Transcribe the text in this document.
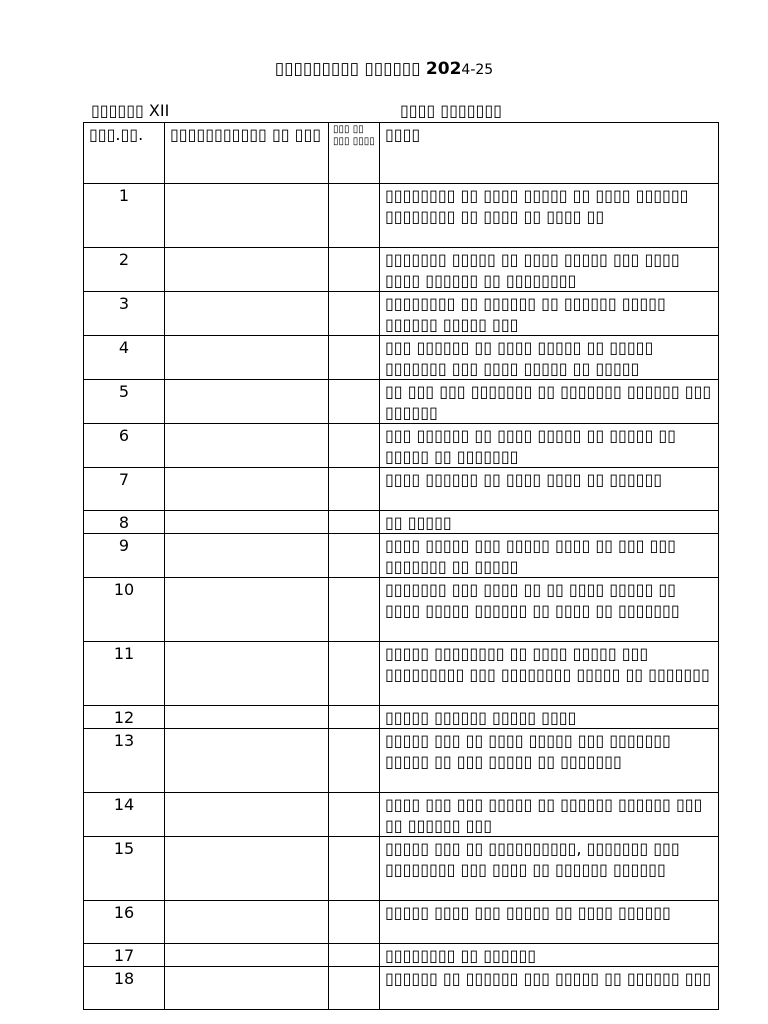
▯▯▯▯▯▯▯▯▯ ▯▯▯▯▯▯ 2024-25
▯▯▯▯▯▯ XII	▯▯▯▯ ▯▯▯▯▯▯▯
▯▯▯.▯▯.	▯▯▯▯▯▯▯▯▯▯▯ ▯▯ ▯▯▯	▯▯▯ ▯▯ ▯▯▯ ▯▯▯▯	▯▯▯▯
1			▯▯▯▯▯▯▯▯ ▯▯ ▯▯▯▯ ▯▯▯▯▯ ▯▯ ▯▯▯▯ ▯▯▯▯▯▯ ▯▯▯▯▯▯▯▯ ▯▯ ▯▯▯▯ ▯▯ ▯▯▯▯ ▯▯
2			▯▯▯▯▯▯▯ ▯▯▯▯▯ ▯▯ ▯▯▯▯ ▯▯▯▯▯ ▯▯▯ ▯▯▯▯ ▯▯▯▯ ▯▯▯▯▯▯ ▯▯ ▯▯▯▯▯▯▯▯
3			▯▯▯▯▯▯▯▯ ▯▯ ▯▯▯▯▯▯ ▯▯ ▯▯▯▯▯▯ ▯▯▯▯▯ ▯▯▯▯▯▯ ▯▯▯▯▯ ▯▯▯
4			▯▯▯ ▯▯▯▯▯▯ ▯▯ ▯▯▯▯ ▯▯▯▯▯ ▯▯ ▯▯▯▯▯ ▯▯▯▯▯▯▯ ▯▯▯ ▯▯▯▯ ▯▯▯▯▯ ▯▯ ▯▯▯▯▯
5			▯▯ ▯▯▯ ▯▯▯ ▯▯▯▯▯▯▯ ▯▯ ▯▯▯▯▯▯▯ ▯▯▯▯▯▯ ▯▯▯ ▯▯▯▯▯▯
6			▯▯▯ ▯▯▯▯▯▯ ▯▯ ▯▯▯▯ ▯▯▯▯▯ ▯▯ ▯▯▯▯▯ ▯▯ ▯▯▯▯▯ ▯▯ ▯▯▯▯▯▯▯
7			▯▯▯▯ ▯▯▯▯▯▯ ▯▯ ▯▯▯▯ ▯▯▯▯ ▯▯ ▯▯▯▯▯▯
8			▯▯ ▯▯▯▯▯
9			▯▯▯▯ ▯▯▯▯▯ ▯▯▯ ▯▯▯▯▯ ▯▯▯▯ ▯▯ ▯▯▯ ▯▯▯ ▯▯▯▯▯▯▯ ▯▯ ▯▯▯▯▯
10			▯▯▯▯▯▯▯ ▯▯▯ ▯▯▯▯ ▯▯ ▯▯ ▯▯▯▯ ▯▯▯▯▯ ▯▯ ▯▯▯▯ ▯▯▯▯▯ ▯▯▯▯▯▯ ▯▯ ▯▯▯▯ ▯▯ ▯▯▯▯▯▯▯
11			▯▯▯▯▯ ▯▯▯▯▯▯▯▯ ▯▯ ▯▯▯▯ ▯▯▯▯▯ ▯▯▯ ▯▯▯▯▯▯▯▯▯ ▯▯▯ ▯▯▯▯▯▯▯▯ ▯▯▯▯▯ ▯▯ ▯▯▯▯▯▯▯
12			▯▯▯▯▯ ▯▯▯▯▯▯ ▯▯▯▯▯ ▯▯▯▯
13			▯▯▯▯▯ ▯▯▯ ▯▯ ▯▯▯▯ ▯▯▯▯▯ ▯▯▯ ▯▯▯▯▯▯▯ ▯▯▯▯▯ ▯▯ ▯▯▯ ▯▯▯▯▯ ▯▯ ▯▯▯▯▯▯▯
14			▯▯▯▯ ▯▯▯ ▯▯▯ ▯▯▯▯▯ ▯▯ ▯▯▯▯▯▯ ▯▯▯▯▯▯ ▯▯▯ ▯▯ ▯▯▯▯▯▯ ▯▯▯
15			▯▯▯▯▯ ▯▯▯ ▯▯ ▯▯▯▯▯▯▯▯▯▯, ▯▯▯▯▯▯▯ ▯▯▯ ▯▯▯▯▯▯▯▯ ▯▯▯ ▯▯▯▯ ▯▯ ▯▯▯▯▯▯ ▯▯▯▯▯▯
16			▯▯▯▯▯ ▯▯▯▯ ▯▯▯ ▯▯▯▯▯ ▯▯ ▯▯▯▯ ▯▯▯▯▯▯
17			▯▯▯▯▯▯▯▯ ▯▯ ▯▯▯▯▯▯
18			▯▯▯▯▯▯ ▯▯ ▯▯▯▯▯▯ ▯▯▯ ▯▯▯▯▯ ▯▯ ▯▯▯▯▯▯ ▯▯▯
